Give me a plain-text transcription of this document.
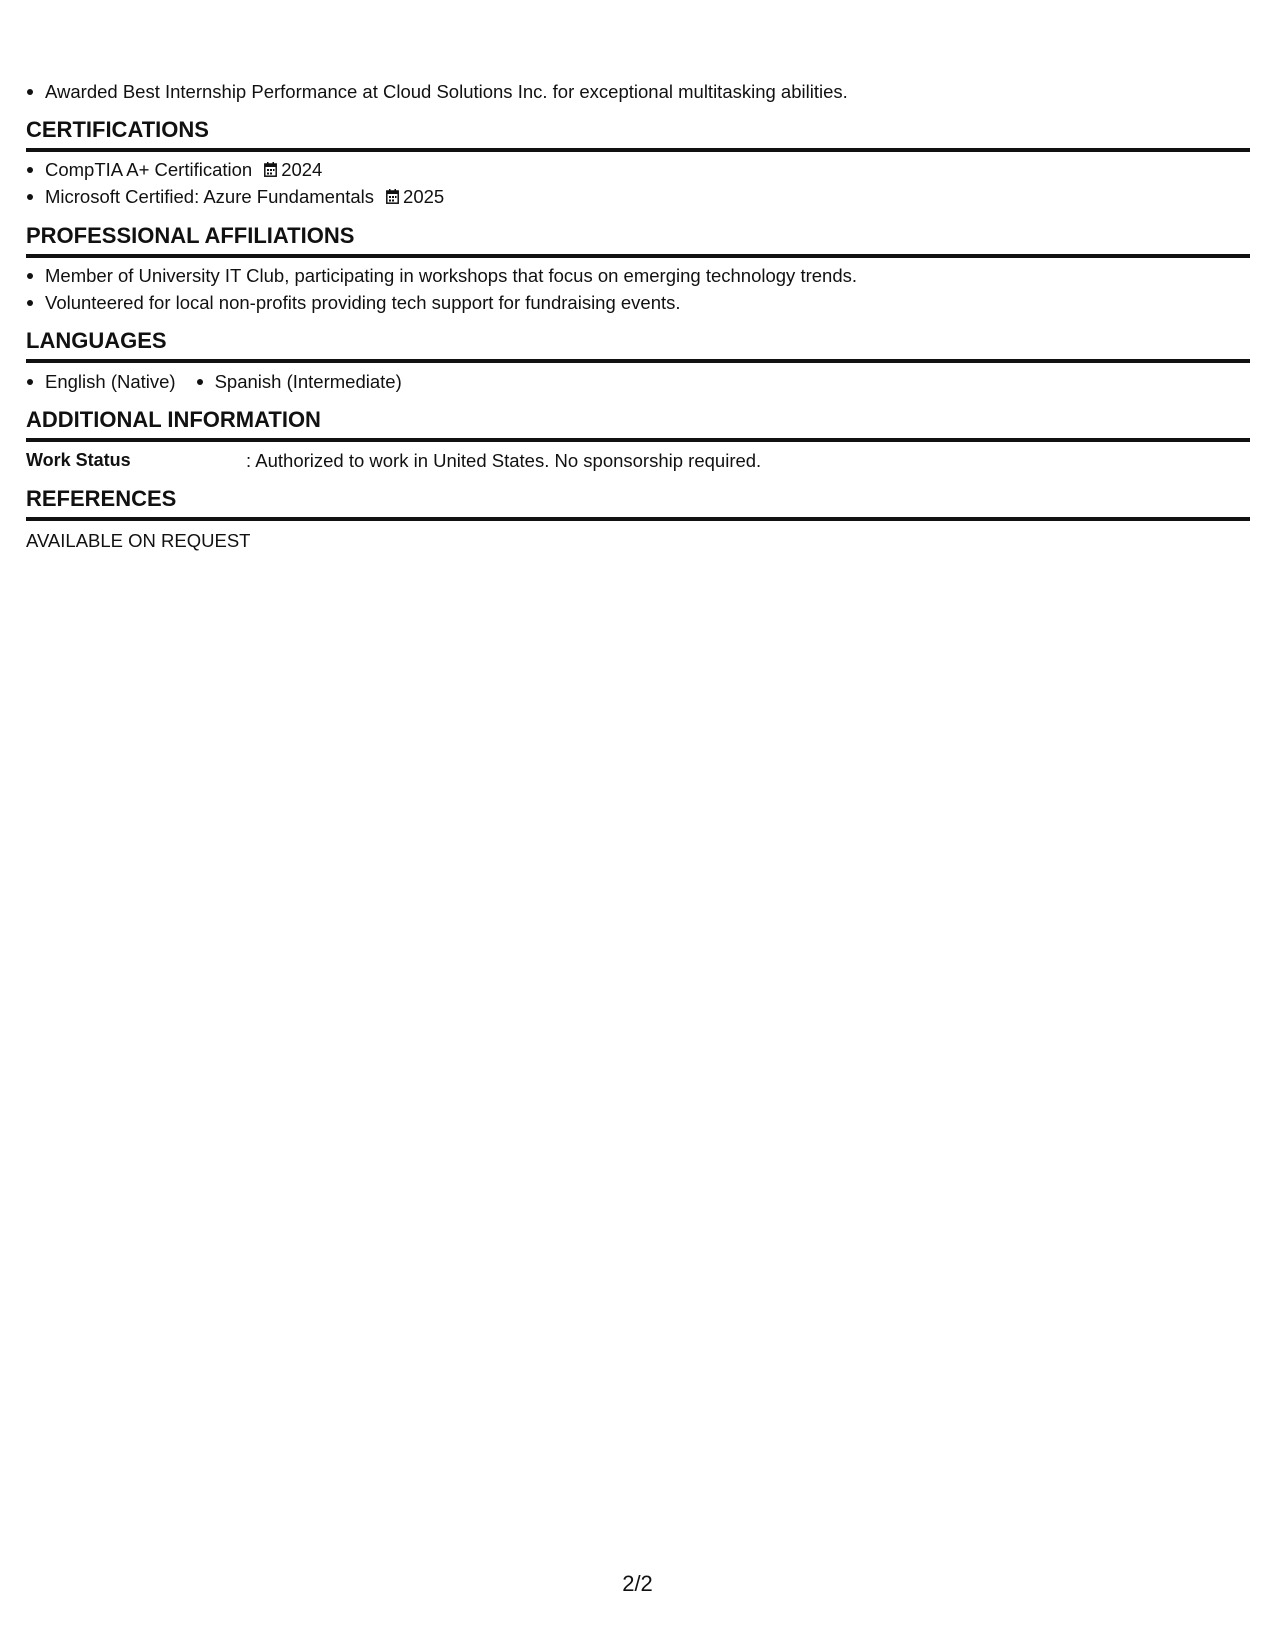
Awarded Best Internship Performance at Cloud Solutions Inc. for exceptional multitasking abilities.
CERTIFICATIONS
CompTIA A+ Certification 2024
Microsoft Certified: Azure Fundamentals 2025
PROFESSIONAL AFFILIATIONS
Member of University IT Club, participating in workshops that focus on emerging technology trends.
Volunteered for local non-profits providing tech support for fundraising events.
LANGUAGES
English (Native) Spanish (Intermediate)
ADDITIONAL INFORMATION
Work Status	: Authorized to work in United States. No sponsorship required.
REFERENCES
AVAILABLE ON REQUEST
2/2
